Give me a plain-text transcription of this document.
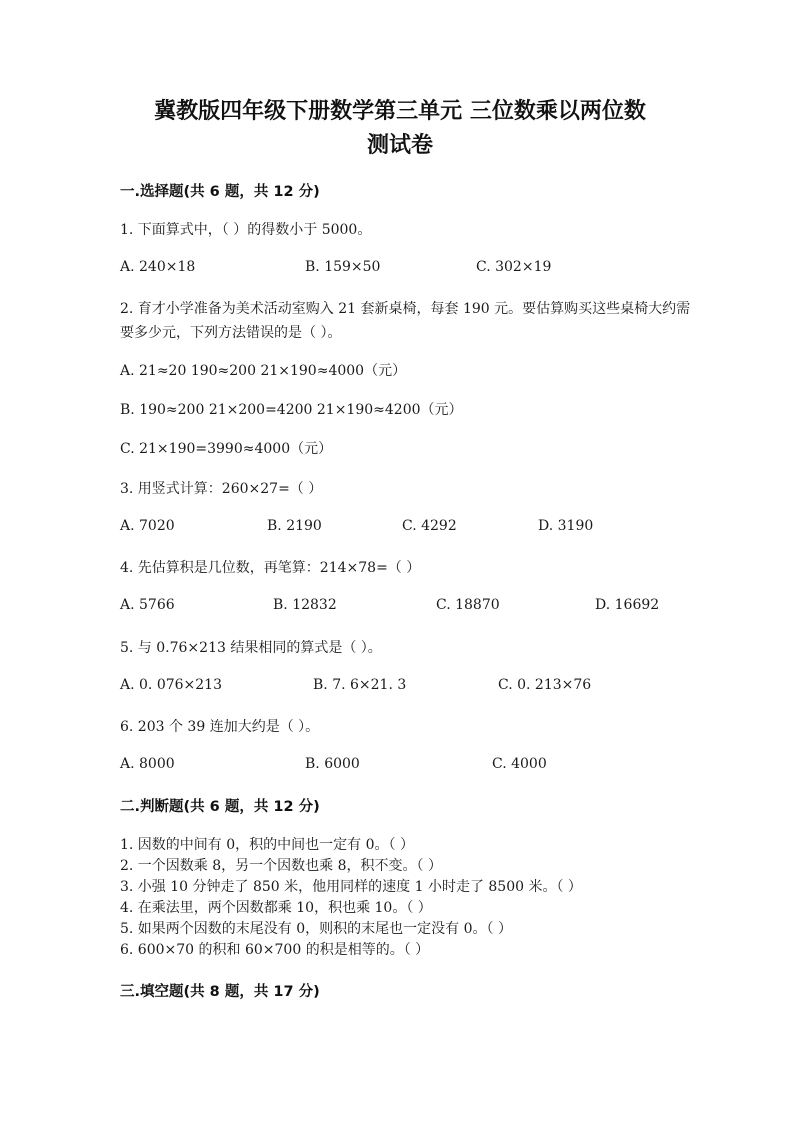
冀教版四年级下册数学第三单元 三位数乘以两位数
测试卷
一.选择题(共 6 题，共 12 分)
1. 下面算式中，（ ）的得数小于 5000。
A. 240×18	B. 159×50	C. 302×19
2. 育才小学准备为美术活动室购入 21 套新桌椅，每套 190 元。要估算购买这些桌椅大约需要多少元，下列方法错误的是（ ）。
A. 21≈20 190≈200 21×190≈4000（元）
B. 190≈200 21×200=4200 21×190≈4200（元）
C. 21×190=3990≈4000（元）
3. 用竖式计算：260×27=（ ）
A. 7020	B. 2190	C. 4292	D. 3190
4. 先估算积是几位数，再笔算：214×78=（ ）
A. 5766	B. 12832	C. 18870	D. 16692
5. 与 0.76×213 结果相同的算式是（ ）。
A. 0. 076×213	B. 7. 6×21. 3	C. 0. 213×76
6. 203 个 39 连加大约是（ ）。
A. 8000	B. 6000	C. 4000
二.判断题(共 6 题，共 12 分)
1. 因数的中间有 0，积的中间也一定有 0。（ ）
2. 一个因数乘 8，另一个因数也乘 8，积不变。（ ）
3. 小强 10 分钟走了 850 米，他用同样的速度 1 小时走了 8500 米。（ ）
4. 在乘法里，两个因数都乘 10，积也乘 10。（ ）
5. 如果两个因数的末尾没有 0，则积的末尾也一定没有 0。（ ）
6. 600×70 的积和 60×700 的积是相等的。（ ）
三.填空题(共 8 题，共 17 分)
